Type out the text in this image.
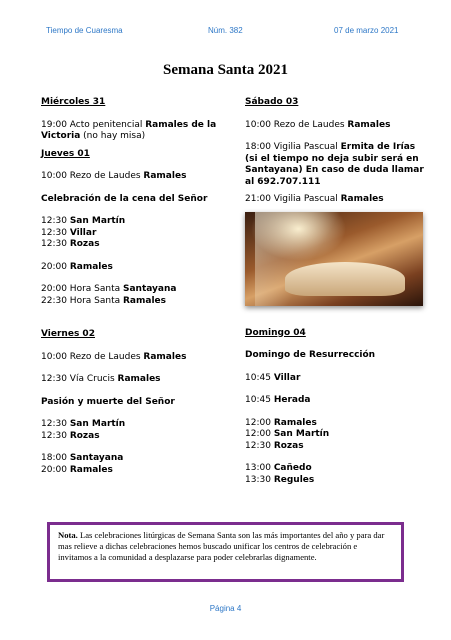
Tiempo de Cuaresma	Núm. 382	07 de marzo 2021
Semana Santa 2021
Miércoles 31
19:00 Acto penitencial Ramales de la Victoria (no hay misa)
Jueves 01
10:00 Rezo de Laudes Ramales
Celebración de la cena del Señor
12:30 San Martín
12:30 Villar
12:30 Rozas
20:00 Ramales
20:00 Hora Santa Santayana
22:30 Hora Santa Ramales
Viernes 02
10:00 Rezo de Laudes Ramales
12:30 Vía Crucis Ramales
Pasión y muerte del Señor
12:30 San Martín
12:30 Rozas
18:00 Santayana
20:00 Ramales
Sábado 03
10:00 Rezo de Laudes Ramales
18:00 Vigilia Pascual Ermita de Irías (si el tiempo no deja subir será en Santayana) En caso de duda llamar al 692.707.111
21:00 Vigilia Pascual Ramales
Domingo 04
Domingo de Resurrección
10:45 Villar
10:45 Herada
12:00 Ramales
12:00 San Martín
12:30 Rozas
13:00 Cañedo
13:30 Regules
Nota. Las celebraciones litúrgicas de Semana Santa son las más importantes del año y para dar mas relieve a dichas celebraciones hemos buscado unificar los centros de celebración e invitamos a la comunidad a desplazarse para poder celebrarlas dignamente.
Página 4
